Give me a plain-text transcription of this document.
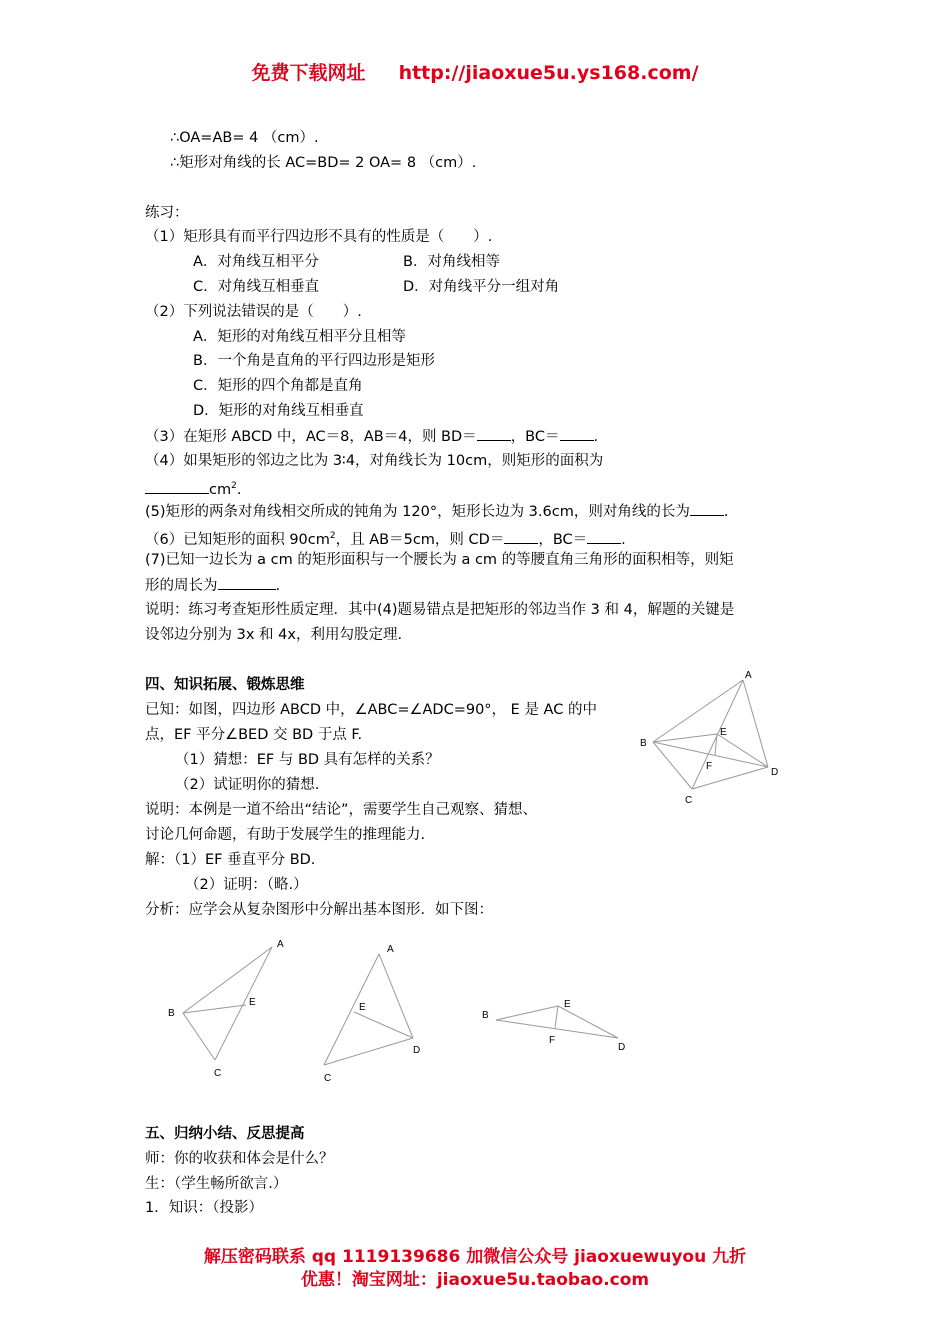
免费下载网址 http://jiaoxue5u.ys168.com/
∴OA=AB= 4 （cm）.
∴矩形对角线的长 AC=BD= 2 OA= 8 （cm）.
练习：
（1）矩形具有而平行四边形不具有的性质是（　　）.
A．对角线互相平分	B．对角线相等
C．对角线互相垂直	D．对角线平分一组对角
（2）下列说法错误的是（　　）.
A．矩形的对角线互相平分且相等
B．一个角是直角的平行四边形是矩形
C．矩形的四个角都是直角
D．矩形的对角线互相垂直
（3）在矩形 ABCD 中，AC＝8，AB＝4，则 BD＝ ，BC＝ .
（4）如果矩形的邻边之比为 3∶4，对角线长为 10cm，则矩形的面积为
$cm^2$.
(5)矩形的两条对角线相交所成的钝角为 120°，矩形长边为 3.6cm，则对角线的长为 .
（6）已知矩形的面积 $90cm^2$，且 AB＝5cm，则 CD＝ ，BC＝ .
(7)已知一边长为 a cm 的矩形面积与一个腰长为 a cm 的等腰直角三角形的面积相等，则矩
形的周长为	.
说明：练习考查矩形性质定理．其中(4)题易错点是把矩形的邻边当作 3 和 4，解题的关键是
设邻边分别为 3x 和 4x，利用勾股定理.
四、知识拓展、锻炼思维
已知：如图，四边形 ABCD 中，∠ABC=∠ADC=90°， E 是 AC 的中
点，EF 平分∠BED 交 BD 于点 F.
（1）猜想：EF 与 BD 具有怎样的关系？
（2）试证明你的猜想.
说明：本例是一道不给出“结论”，需要学生自己观察、猜想、
讨论几何命题，有助于发展学生的推理能力.
解：（1）EF 垂直平分 BD.
（2）证明：（略.）
分析：应学会从复杂图形中分解出基本图形．如下图：
A
B
C
D
E
F
A
B
C
E
A
C
D
E
B
E
F
D
五、归纳小结、反思提高
师：你的收获和体会是什么？
生：（学生畅所欲言.）
1．知识：（投影）
解压密码联系 qq 1119139686 加微信公众号 jiaoxuewuyou 九折
优惠！淘宝网址：jiaoxue5u.taobao.com
